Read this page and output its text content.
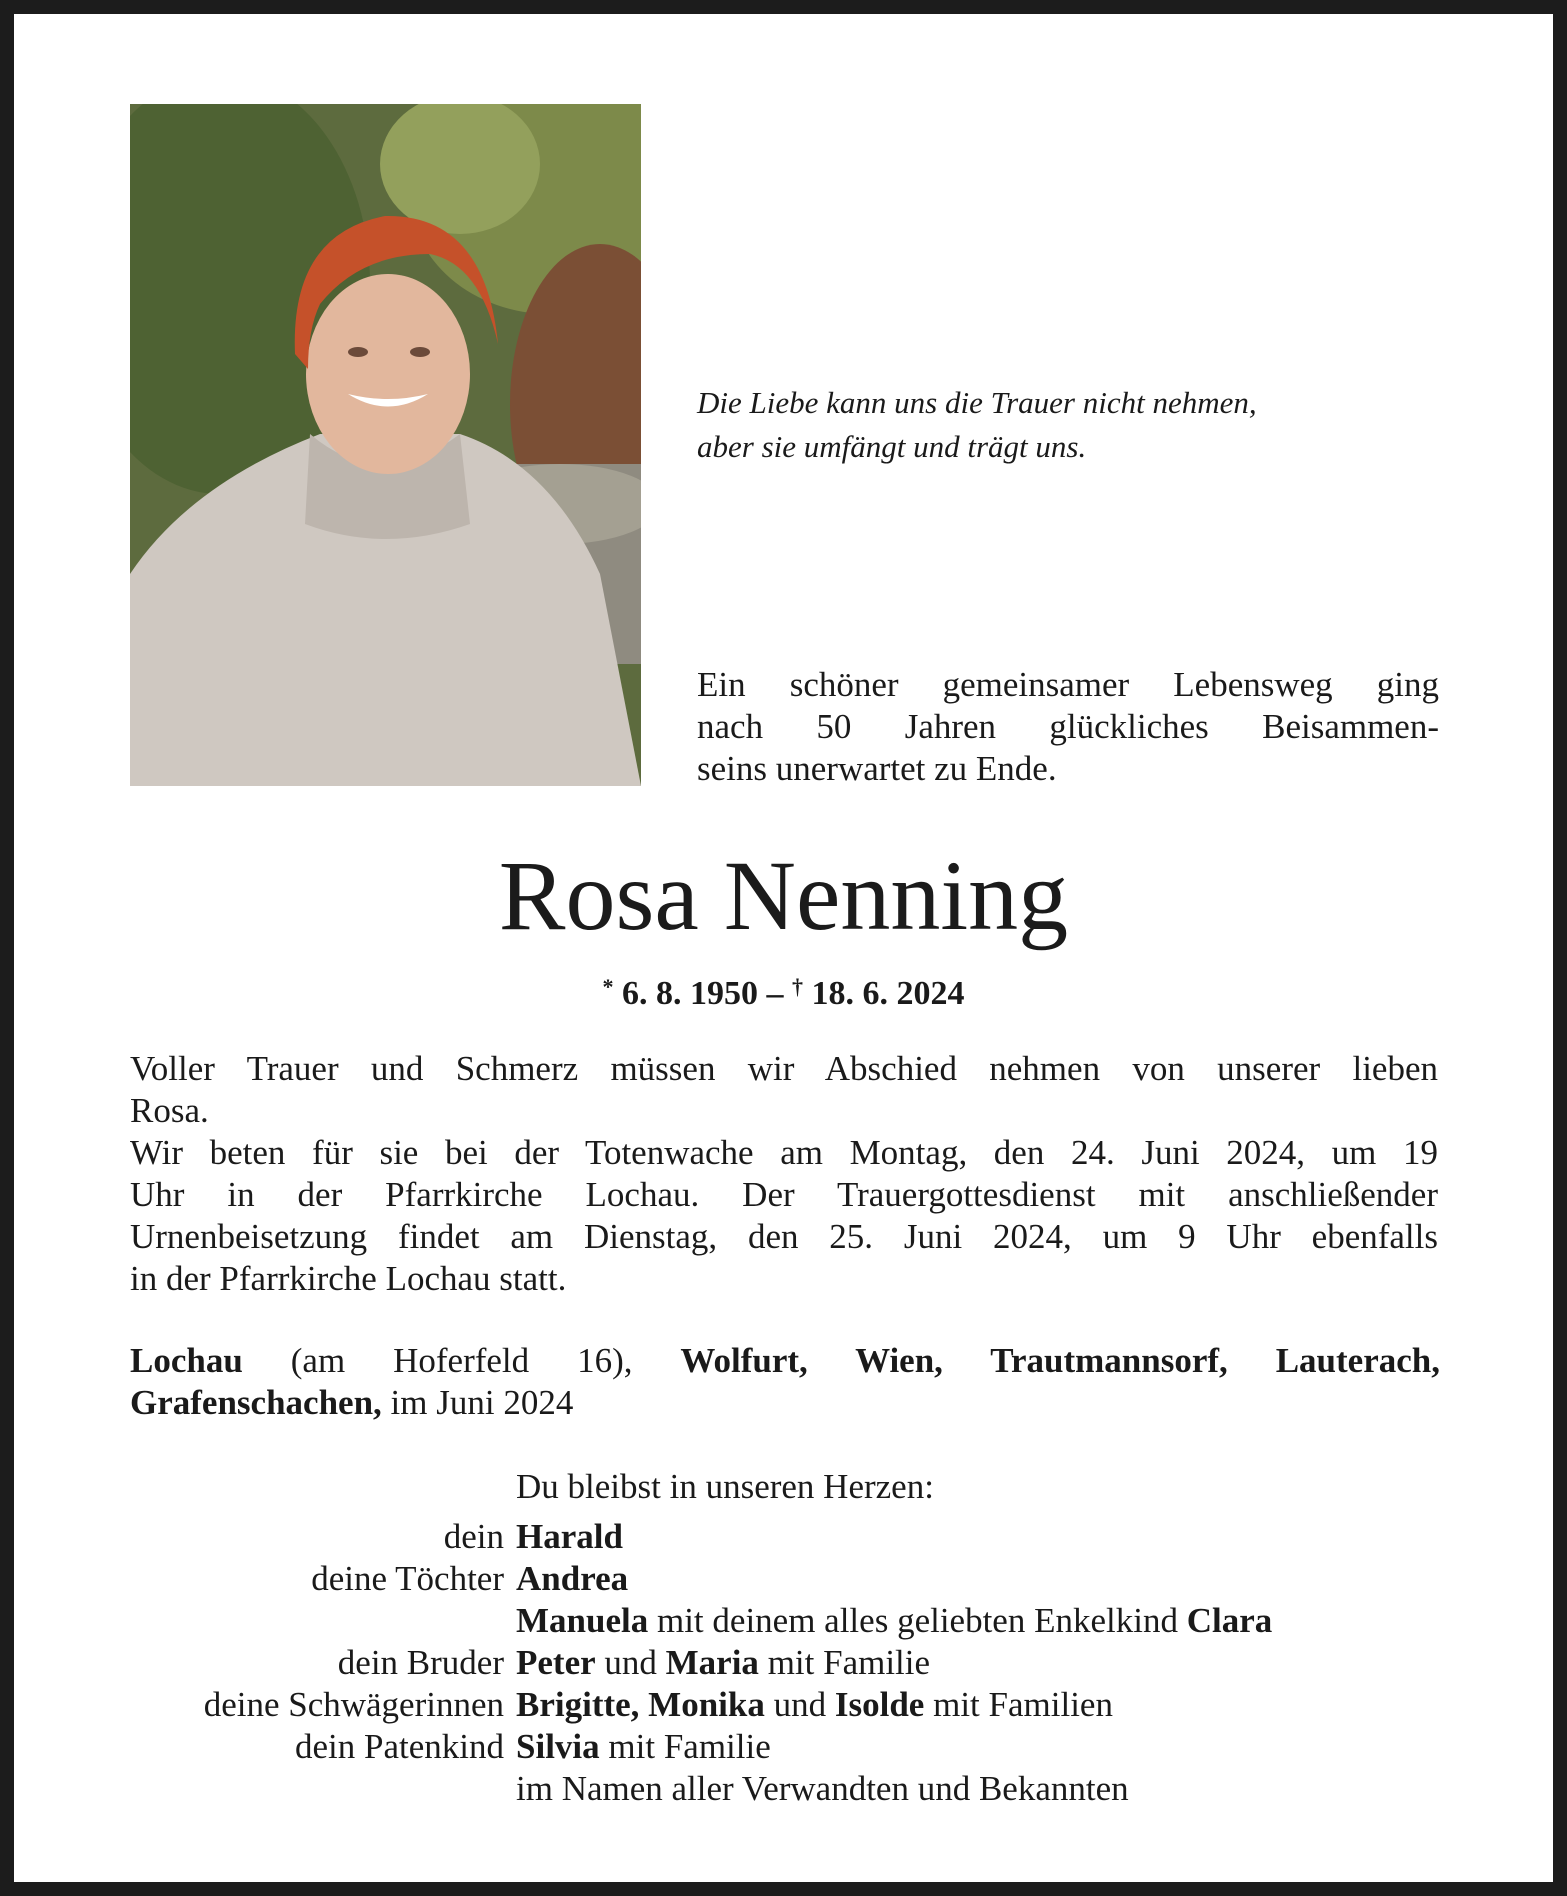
Die Liebe kann uns die Trauer nicht nehmen,
aber sie umfängt und trägt uns.
Ein schöner gemeinsamer Lebensweg ging
nach 50 Jahren glückliches Beisammen-
seins unerwartet zu Ende.
Rosa Nenning
* 6. 8. 1950 – † 18. 6. 2024
Voller Trauer und Schmerz müssen wir Abschied nehmen von unserer lieben
Rosa.
Wir beten für sie bei der Totenwache am Montag, den 24. Juni 2024, um 19
Uhr in der Pfarrkirche Lochau. Der Trauergottesdienst mit anschließender
Urnenbeisetzung findet am Dienstag, den 25. Juni 2024, um 9 Uhr ebenfalls
in der Pfarrkirche Lochau statt.
Lochau (am Hoferfeld 16), Wolfurt, Wien, Trautmannsorf, Lauterach,
Grafenschachen, im Juni 2024
Du bleibst in unseren Herzen:
dein Harald
deine Töchter Andrea
Manuela mit deinem alles geliebten Enkelkind Clara
dein Bruder Peter und Maria mit Familie
deine Schwägerinnen Brigitte, Monika und Isolde mit Familien
dein Patenkind Silvia mit Familie
im Namen aller Verwandten und Bekannten
